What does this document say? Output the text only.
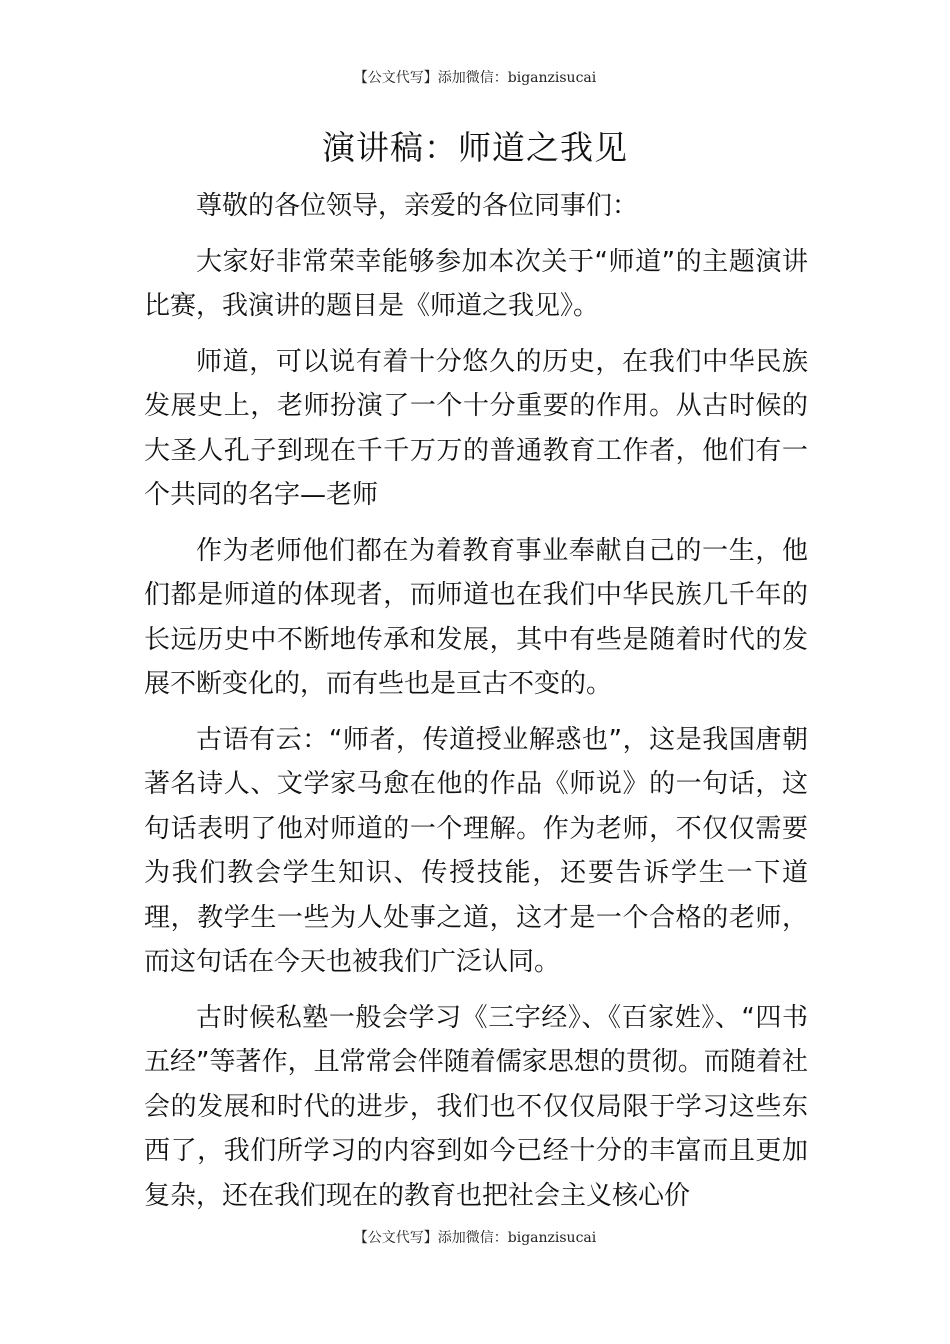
【公文代写】添加微信：biganzisucai
演讲稿：师道之我见

尊敬的各位领导，亲爱的各位同事们：

大家好非常荣幸能够参加本次关于“师道”的主题演讲比赛，我演讲的题目是《师道之我见》。

师道，可以说有着十分悠久的历史，在我们中华民族发展史上，老师扮演了一个十分重要的作用。从古时候的大圣人孔子到现在千千万万的普通教育工作者，他们有一个共同的名字—老师

作为老师他们都在为着教育事业奉献自己的一生，他们都是师道的体现者，而师道也在我们中华民族几千年的长远历史中不断地传承和发展，其中有些是随着时代的发展不断变化的，而有些也是亘古不变的。

古语有云：“师者，传道授业解惑也”，这是我国唐朝著名诗人、文学家马愈在他的作品《师说》的一句话，这句话表明了他对师道的一个理解。作为老师，不仅仅需要为我们教会学生知识、传授技能，还要告诉学生一下道理，教学生一些为人处事之道，这才是一个合格的老师，而这句话在今天也被我们广泛认同。

古时候私塾一般会学习《三字经》、《百家姓》、“四书五经”等著作，且常常会伴随着儒家思想的贯彻。而随着社会的发展和时代的进步，我们也不仅仅局限于学习这些东西了，我们所学习的内容到如今已经十分的丰富而且更加复杂，还在我们现在的教育也把社会主义核心价

【公文代写】添加微信：biganzisucai
